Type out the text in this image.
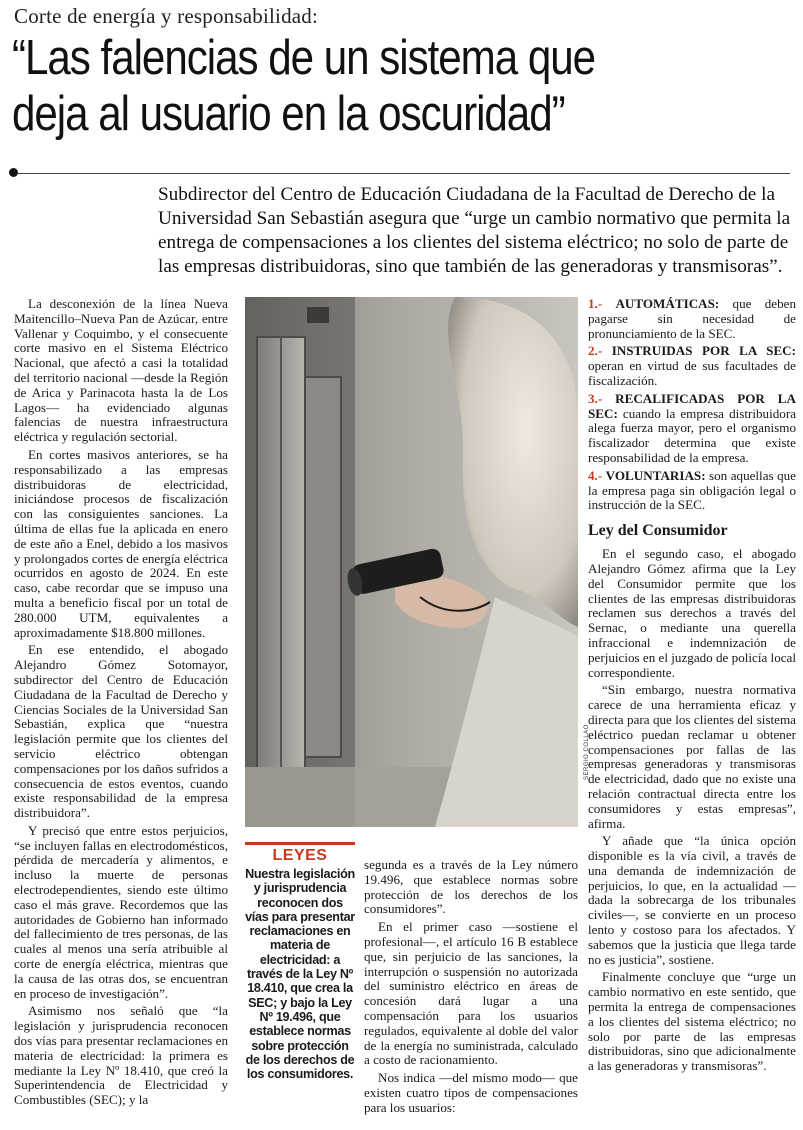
Corte de energía y responsabilidad:
“Las falencias de un sistema que
deja al usuario en la oscuridad”
Subdirector del Centro de Educación Ciudadana de la Facultad de Derecho de la Universidad San Sebastián asegura que “urge un cambio normativo que permita la entrega de compensaciones a los clientes del sistema eléctrico; no solo de parte de las empresas distribuidoras, sino que también de las generadoras y transmisoras”.

La desconexión de la línea Nueva Maitencillo–Nueva Pan de Azúcar, entre Vallenar y Coquimbo, y el consecuente corte masivo en el Sistema Eléctrico Nacional, que afectó a casi la totalidad del territorio nacional —desde la Región de Arica y Parinacota hasta la de Los Lagos— ha evidenciado algunas falencias de nuestra infraestructura eléctrica y regulación sectorial.

En cortes masivos anteriores, se ha responsabilizado a las empresas distribuidoras de electricidad, iniciándose procesos de fiscalización con las consiguientes sanciones. La última de ellas fue la aplicada en enero de este año a Enel, debido a los masivos y prolongados cortes de energía eléctrica ocurridos en agosto de 2024. En este caso, cabe recordar que se impuso una multa a beneficio fiscal por un total de 280.000 UTM, equivalentes a aproximadamente $18.800 millones.

En ese entendido, el abogado Alejandro Gómez Sotomayor, subdirector del Centro de Educación Ciudadana de la Facultad de Derecho y Ciencias Sociales de la Universidad San Sebastián, explica que “nuestra legislación permite que los clientes del servicio eléctrico obtengan compensaciones por los daños sufridos a consecuencia de estos eventos, cuando existe responsabilidad de la empresa distribuidora”.

Y precisó que entre estos perjuicios, “se incluyen fallas en electrodomésticos, pérdida de mercadería y alimentos, e incluso la muerte de personas electrodependientes, siendo este último caso el más grave. Recordemos que las autoridades de Gobierno han informado del fallecimiento de tres personas, de las cuales al menos una sería atribuible al corte de energía eléctrica, mientras que la causa de las otras dos, se encuentran en proceso de investigación”.

Asimismo nos señaló que “la legislación y jurisprudencia reconocen dos vías para presentar reclamaciones en materia de electricidad: la primera es mediante la Ley Nº 18.410, que creó la Superintendencia de Electricidad y Combustibles (SEC); y la

SERGIO COLLAO
LEYES
Nuestra legislación y jurisprudencia reconocen dos vías para presentar reclamaciones en materia de electricidad: a través de la Ley Nº 18.410, que crea la SEC; y bajo la Ley Nº 19.496, que establece normas sobre protección de los derechos de los consumidores.

segunda es a través de la Ley número 19.496, que establece normas sobre protección de los derechos de los consumidores”.

En el primer caso —sostiene el profesional—, el artículo 16 B establece que, sin perjuicio de las sanciones, la interrupción o suspensión no autorizada del suministro eléctrico en áreas de concesión dará lugar a una compensación para los usuarios regulados, equivalente al doble del valor de la energía no suministrada, calculado a costo de racionamiento.

Nos indica —del mismo modo— que existen cuatro tipos de compensaciones para los usuarios:

1.- AUTOMÁTICAS: que deben pagarse sin necesidad de pronunciamiento de la SEC.

2.- INSTRUIDAS POR LA SEC: operan en virtud de sus facultades de fiscalización.

3.- RECALIFICADAS POR LA SEC: cuando la empresa distribuidora alega fuerza mayor, pero el organismo fiscalizador determina que existe responsabilidad de la empresa.

4.- VOLUNTARIAS: son aquellas que la empresa paga sin obligación legal o instrucción de la SEC.

Ley del Consumidor

En el segundo caso, el abogado Alejandro Gómez afirma que la Ley del Consumidor permite que los clientes de las empresas distribuidoras reclamen sus derechos a través del Sernac, o mediante una querella infraccional e indemnización de perjuicios en el juzgado de policía local correspondiente.

“Sin embargo, nuestra normativa carece de una herramienta eficaz y directa para que los clientes del sistema eléctrico puedan reclamar u obtener compensaciones por fallas de las empresas generadoras y transmisoras de electricidad, dado que no existe una relación contractual directa entre los consumidores y estas empresas”, afirma.

Y añade que “la única opción disponible es la vía civil, a través de una demanda de indemnización de perjuicios, lo que, en la actualidad —dada la sobrecarga de los tribunales civiles—, se convierte en un proceso lento y costoso para los afectados. Y sabemos que la justicia que llega tarde no es justicia”, sostiene.

Finalmente concluye que “urge un cambio normativo en este sentido, que permita la entrega de compensaciones a los clientes del sistema eléctrico; no solo por parte de las empresas distribuidoras, sino que adicionalmente a las generadoras y transmisoras”.
